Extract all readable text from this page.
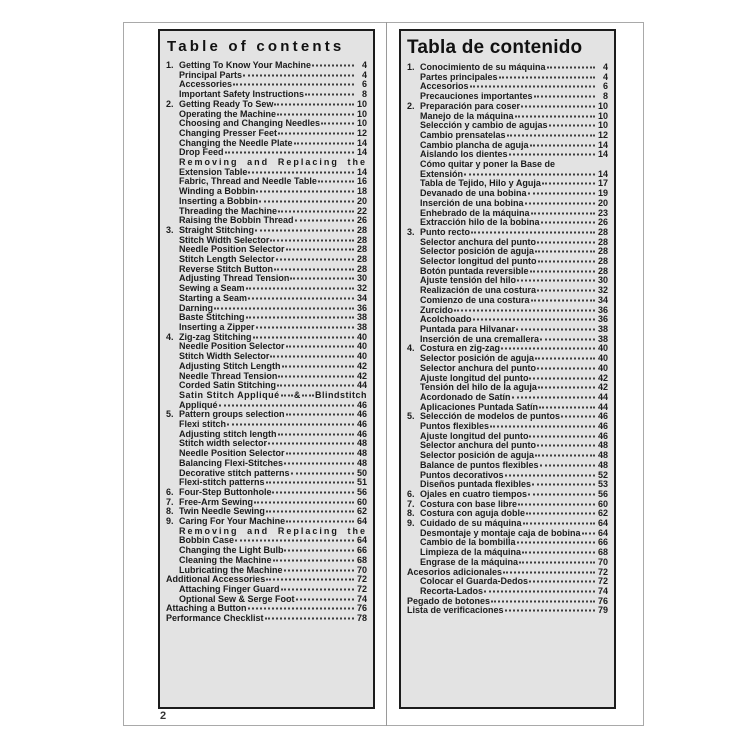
Table of contents
1. Getting To Know Your Machine	4
Principal Parts	4
Accessories	6
Important Safety Instructions	8
2. Getting Ready To Sew	10
Operating the Machine	10
Choosing and Changing Needles	10
Changing Presser Feet	12
Changing the Needle Plate	14
Drop Feed	14
Removing and Replacing the
Extension Table	14
Fabric, Thread and Needle Table	16
Winding a Bobbin	18
Inserting a Bobbin	20
Threading the Machine	22
Raising the Bobbin Thread	26
3. Straight Stitching	28
Stitch Width Selector	28
Needle Position Selector	28
Stitch Length Selector	28
Reverse Stitch Button	28
Adjusting Thread Tension	30
Sewing a Seam	32
Starting a Seam	34
Darning	36
Baste Stitching	38
Inserting a Zipper	38
4. Zig-zag Stitching	40
Needle Position Selector	40
Stitch Width Selector	40
Adjusting Stitch Length	42
Needle Thread Tension	42
Corded Satin Stitching	44
Satin Stitch Appliqué & Blindstitch
Appliqué	46
5. Pattern groups selection	46
Flexi stitch	46
Adjusting stitch length	46
Stitch width selector	48
Needle Position Selector	48
Balancing Flexi-Stitches	48
Decorative stitch patterns	50
Flexi-stitch patterns	51
6. Four-Step Buttonhole	56
7. Free-Arm Sewing	60
8. Twin Needle Sewing	62
9. Caring For Your Machine	64
Removing and Replacing the
Bobbin Case	64
Changing the Light Bulb	66
Cleaning the Machine	68
Lubricating the Machine	70
Additional Accessories	72
Attaching Finger Guard	72
Optional Sew & Serge Foot	74
Attaching a Button	76
Performance Checklist	78
Tabla de contenido
1. Conocimiento de su máquina	4
Partes principales	4
Accesorios	6
Precauciones importantes	8
2. Preparación para coser	10
Manejo de la máquina	10
Selección y cambio de agujas	10
Cambio prensatelas	12
Cambio plancha de aguja	14
Aislando los dientes	14
Cómo quitar y poner la Base de
Extensión	14
Tabla de Tejido, Hilo y Aguja	17
Devanado de una bobina	19
Inserción de una bobina	20
Enhebrado de la máquina	23
Extracción hilo de la bobina	26
3. Punto recto	28
Selector anchura del punto	28
Selector posición de aguja	28
Selector longitud del punto	28
Botón puntada reversible	28
Ajuste tensión del hilo	30
Realización de una costura	32
Comienzo de una costura	34
Zurcido	36
Acolchoado	36
Puntada para Hilvanar	38
Inserción de una cremallera	38
4. Costura en zig-zag	40
Selector posición de aguja	40
Selector anchura del punto	40
Ajuste longitud del punto	42
Tensión del hilo de la aguja	42
Acordonado de Satín	44
Aplicaciones Puntada Satín	44
5. Selección de modelos de puntos	46
Puntos flexibles	46
Ajuste longitud del punto	46
Selector anchura del punto	48
Selector posición de aguja	48
Balance de puntos flexibles	48
Puntos decorativos	52
Diseños puntada flexibles	53
6. Ojales en cuatro tiempos	56
7. Costura con base libre	60
8. Costura con aguja doble	62
9. Cuidado de su máquina	64
Desmontaje y montaje caja de bobina 64
Cambio de la bombilla	66
Limpieza de la máquina	68
Engrase de la máquina	70
Acesorios adicionales	72
Colocar el Guarda-Dedos	72
Recorta-Lados	74
Pegado de botones	76
Lista de verificaciones	79
2
